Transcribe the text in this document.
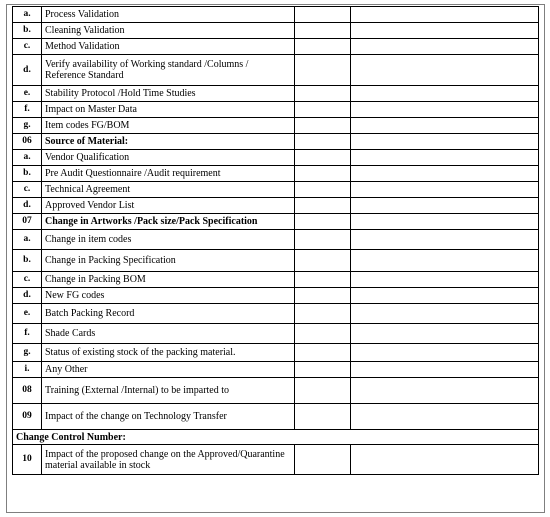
a.	Process Validation		
b.	Cleaning Validation		
c.	Method Validation		
d.	Verify availability of Working standard /Columns / Reference Standard		
e.	Stability Protocol /Hold Time Studies		
f.	Impact on Master Data		
g.	Item codes FG/BOM		
06	Source of Material:		
a.	Vendor Qualification		
b.	Pre Audit Questionnaire /Audit requirement		
c.	Technical Agreement		
d.	Approved Vendor List		
07	Change in Artworks /Pack size/Pack Specification		
a.	Change in item codes		
b.	Change in Packing Specification		
c.	Change in Packing BOM		
d.	New FG codes		
e.	Batch Packing Record		
f.	Shade Cards		
g.	Status of existing stock of the packing material.		
i.	Any Other		
08	Training (External /Internal) to be imparted to		
09	Impact of the change on Technology Transfer		
Change Control Number:			
10	Impact of the proposed change on the Approved/Quarantine material available in stock		
